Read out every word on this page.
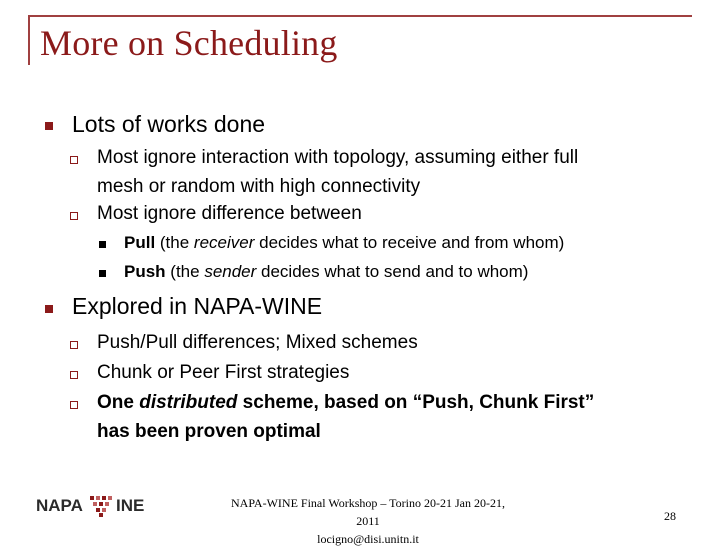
More on Scheduling
Lots of works done
Most ignore interaction with topology, assuming either full
mesh or random with high connectivity
Most ignore difference between
Pull (the receiver decides what to receive and from whom)
Push (the sender decides what to send and to whom)
Explored in NAPA-WINE
Push/Pull differences; Mixed schemes
Chunk or Peer First strategies
One distributed scheme, based on “Push, Chunk First”
has been proven optimal
NAPA INE	NAPA-WINE Final Workshop – Torino 20-21 Jan 20-21, 2011
locigno@disi.unitn.it
28
